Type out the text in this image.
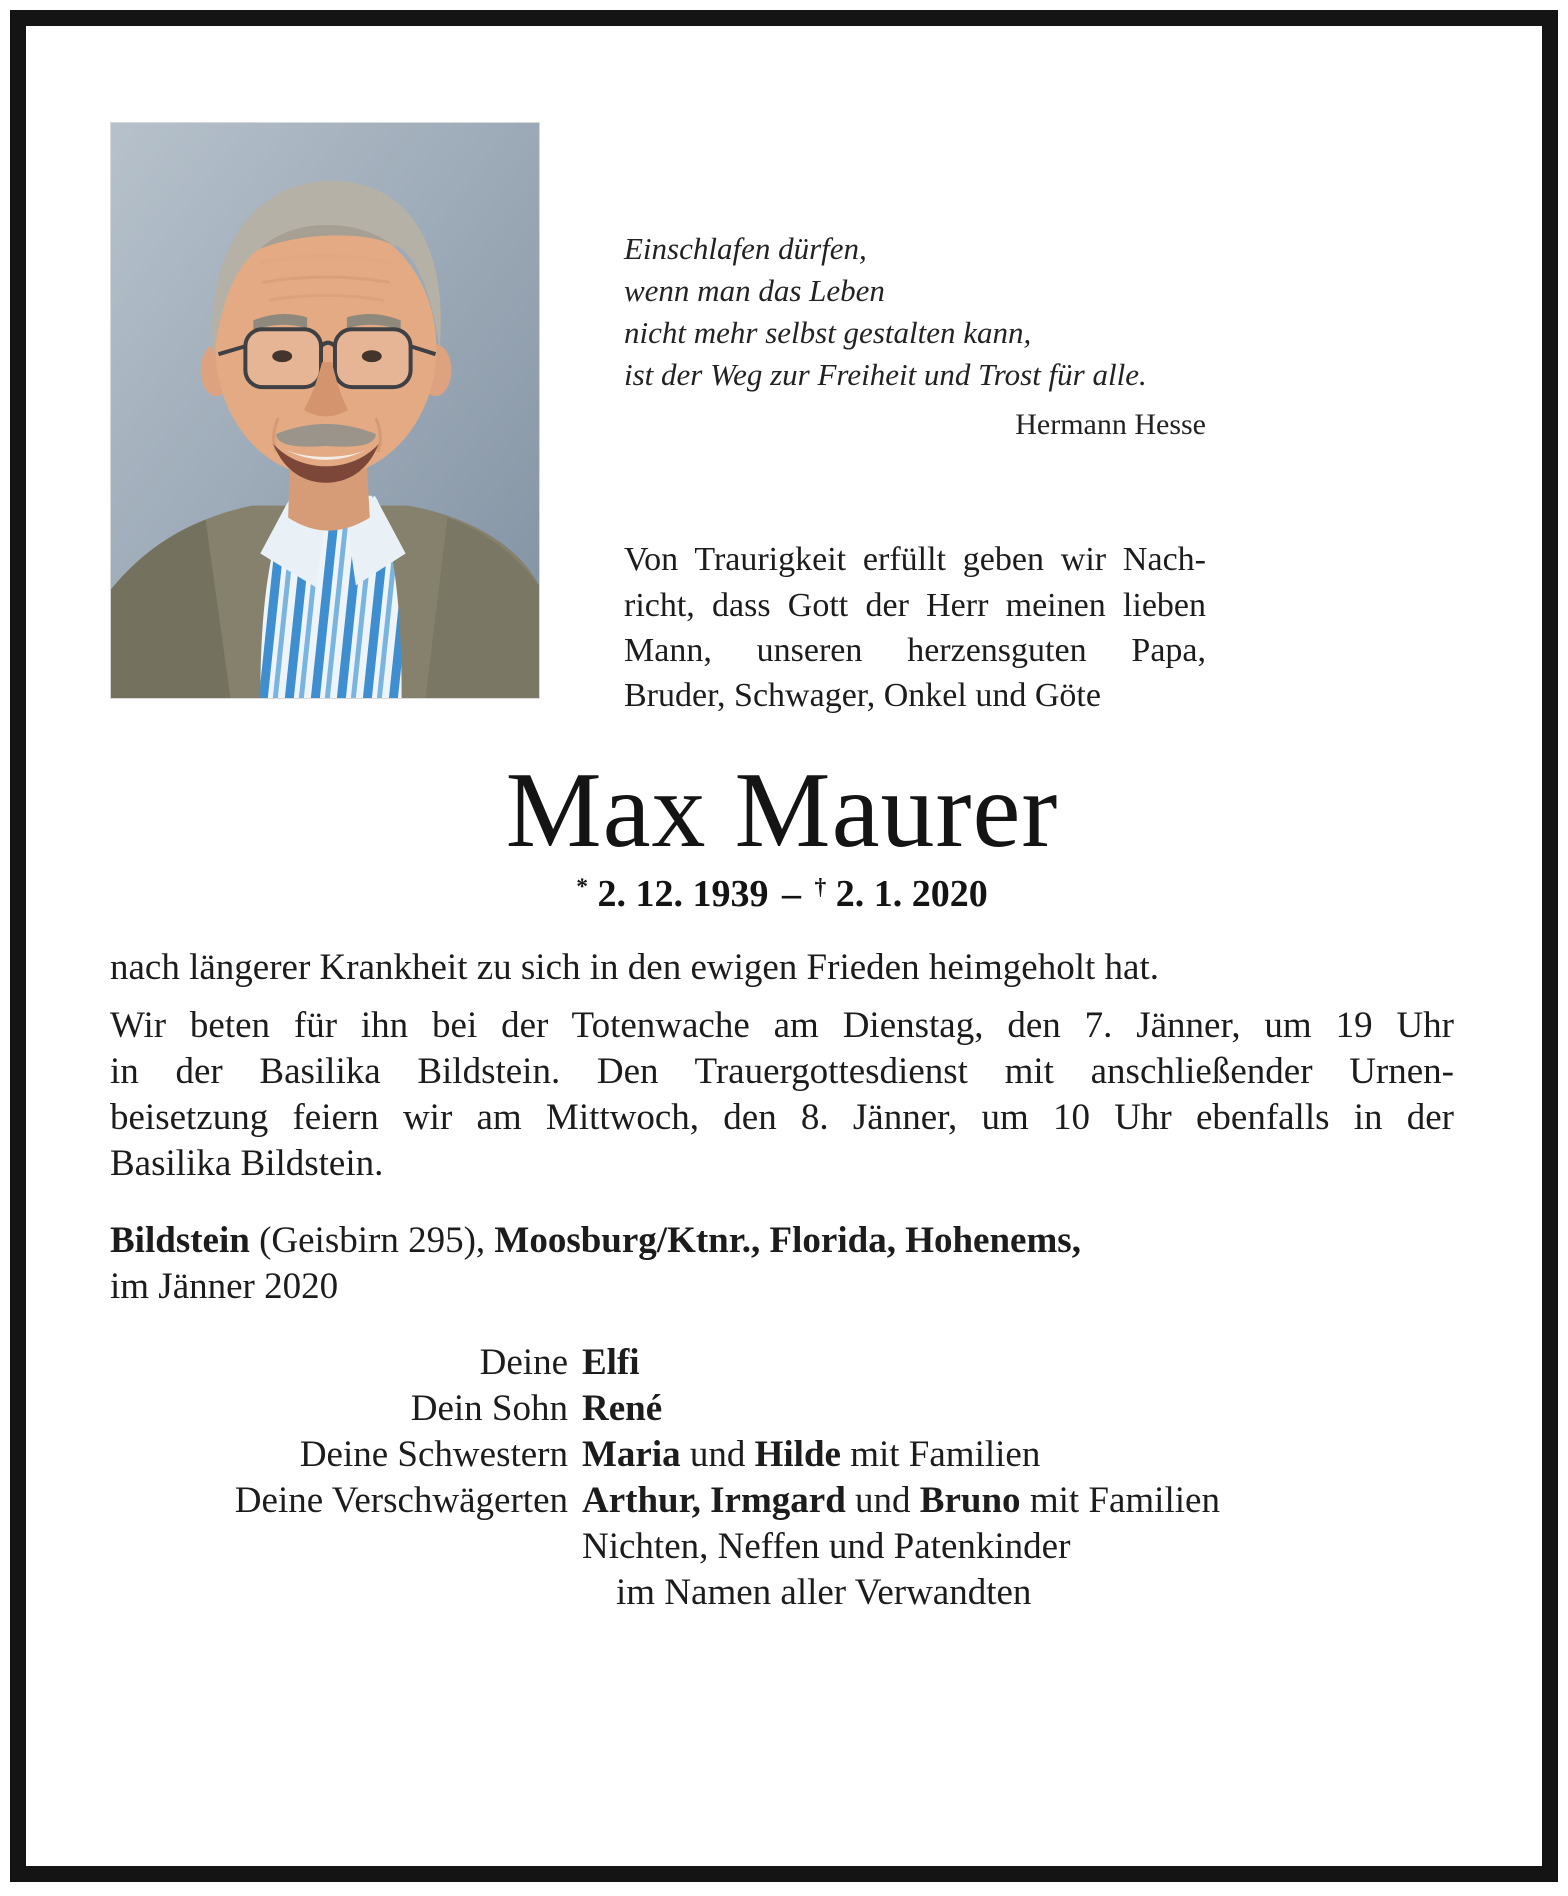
Einschlafen dürfen,
wenn man das Leben
nicht mehr selbst gestalten kann,
ist der Weg zur Freiheit und Trost für alle.
Hermann Hesse
Von Traurigkeit erfüllt geben wir Nach-
richt, dass Gott der Herr meinen lieben
Mann, unseren herzensguten Papa,
Bruder, Schwager, Onkel und Göte
Max Maurer
* 2. 12. 1939 – † 2. 1. 2020
nach längerer Krankheit zu sich in den ewigen Frieden heimgeholt hat.
Wir beten für ihn bei der Totenwache am Dienstag, den 7. Jänner, um 19 Uhr
in der Basilika Bildstein. Den Trauergottesdienst mit anschließender Urnen-
beisetzung feiern wir am Mittwoch, den 8. Jänner, um 10 Uhr ebenfalls in der
Basilika Bildstein.
Bildstein (Geisbirn 295), Moosburg/Ktnr., Florida, Hohenems,
im Jänner 2020
Deine Elfi
Dein Sohn René
Deine Schwestern Maria und Hilde mit Familien
Deine Verschwägerten Arthur, Irmgard und Bruno mit Familien
Nichten, Neffen und Patenkinder
im Namen aller Verwandten
